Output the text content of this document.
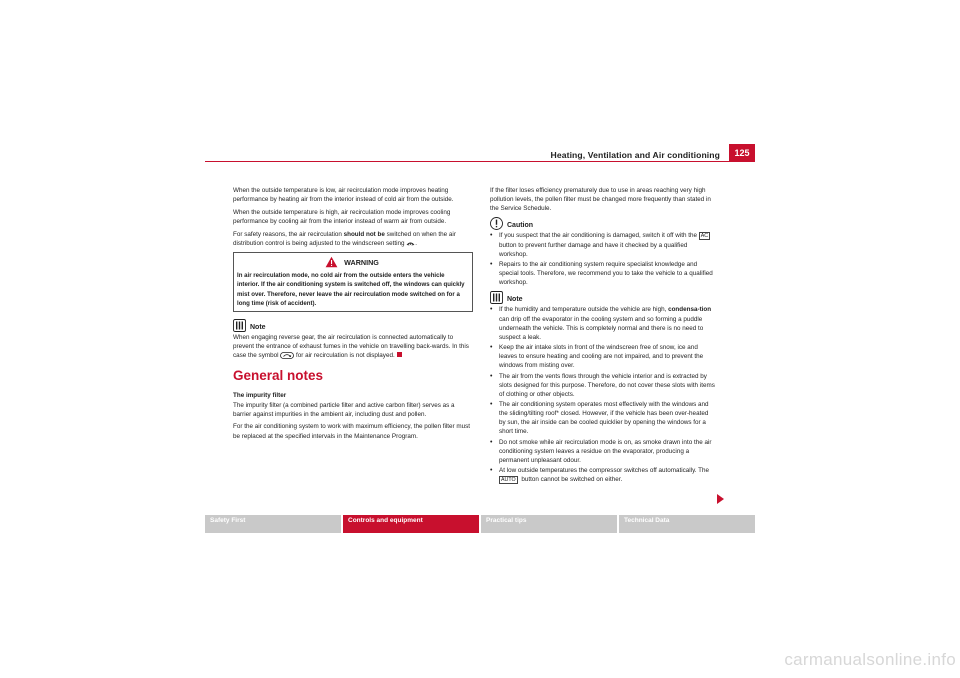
Heating, Ventilation and Air conditioning	125

When the outside temperature is low, air recirculation mode improves heating performance by heating air from the interior instead of cold air from the outside.

When the outside temperature is high, air recirculation mode improves cooling performance by cooling air from the interior instead of warm air from outside.

For safety reasons, the air recirculation should not be switched on when the air distribution control is being adjusted to the windscreen setting .

WARNING
In air recirculation mode, no cold air from the outside enters the vehicle interior. If the air conditioning system is switched off, the windows can quickly mist over. Therefore, never leave the air recirculation mode switched on for a long time (risk of accident).
Note

When engaging reverse gear, the air recirculation is connected automatically to prevent the entrance of exhaust fumes in the vehicle on travelling back-wards. In this case the symbol  for air recirculation is not displayed.

General notes

The impurity filter

The impurity filter (a combined particle filter and active carbon filter) serves as a barrier against impurities in the ambient air, including dust and pollen.

For the air conditioning system to work with maximum efficiency, the pollen filter must be replaced at the specified intervals in the Maintenance Program.

If the filter loses efficiency prematurely due to use in areas reaching very high pollution levels, the pollen filter must be changed more frequently than stated in the Service Schedule.

Caution
•	If you suspect that the air conditioning is damaged, switch it off with the AC button to prevent further damage and have it checked by a qualified workshop.
•	Repairs to the air conditioning system require specialist knowledge and special tools. Therefore, we recommend you to take the vehicle to a qualified workshop.
Note
•	If the humidity and temperature outside the vehicle are high, condensa-tion can drip off the evaporator in the cooling system and so forming a puddle underneath the vehicle. This is completely normal and there is no need to suspect a leak.
•	Keep the air intake slots in front of the windscreen free of snow, ice and leaves to ensure heating and cooling are not impaired, and to prevent the windows from misting over.
•	The air from the vents flows through the vehicle interior and is extracted by slots designed for this purpose. Therefore, do not cover these slots with items of clothing or other objects.
•	The air conditioning system operates most effectively with the windows and the sliding/tilting roof* closed. However, if the vehicle has been over-heated by sun, the air inside can be cooled quicklier by opening the windows for a short time.
•	Do not smoke while air recirculation mode is on, as smoke drawn into the air conditioning system leaves a residue on the evaporator, producing a permanent unpleasant odour.
•	At low outside temperatures the compressor switches off automatically. The AUTO button cannot be switched on either.
Safety First	Controls and equipment	Practical tips	Technical Data
carmanualsonline.info
